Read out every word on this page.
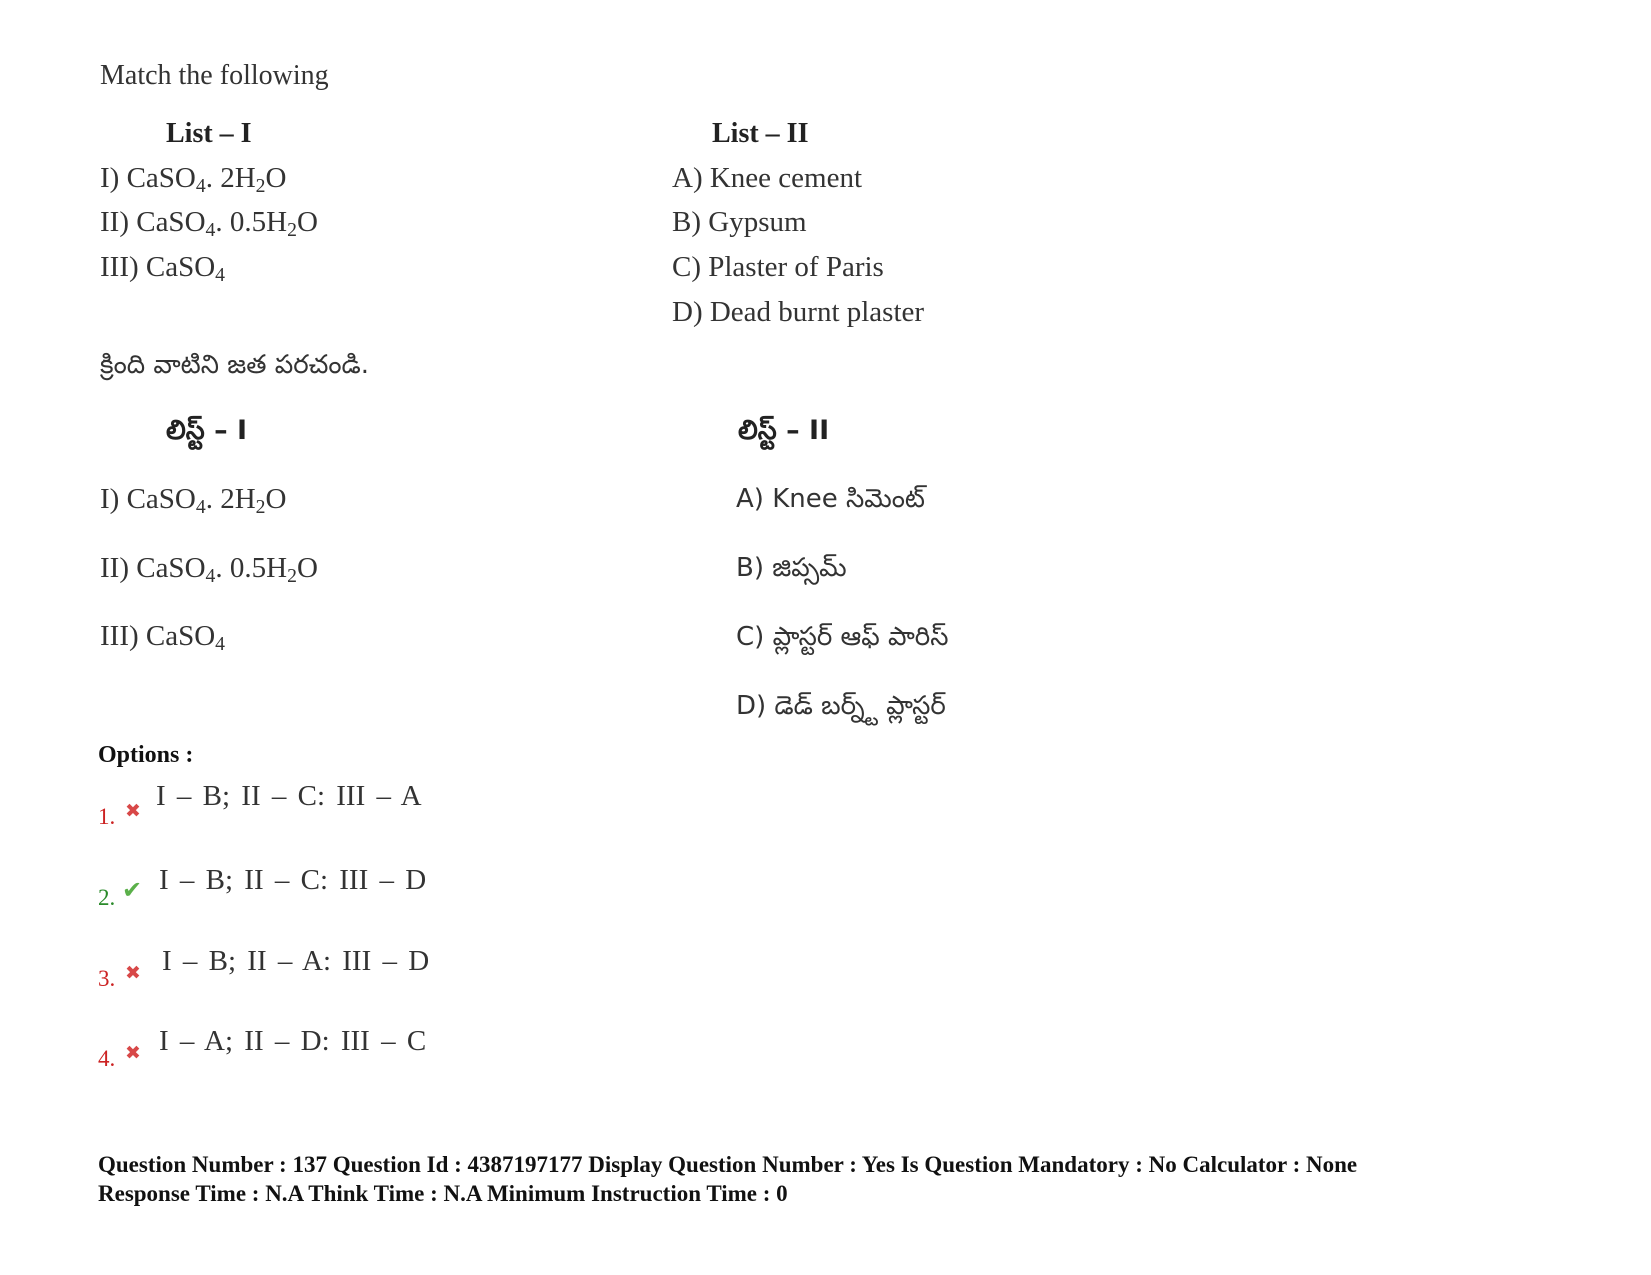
Match the following
List – I	List – II
I) CaSO$_4$. $2H_2O$
II) CaSO$_4$. $0.5H_2O$
III) CaSO$_4$
A) Knee cement
B) Gypsum
C) Plaster of Paris
D) Dead burnt plaster
క్రింది వాటిని జత పరచండి.
లిస్ట్ – I	లిస్ట్ – II
I) CaSO$_4$. $2H_2O$
II) CaSO$_4$. $0.5H_2O$
III) CaSO$_4$
A) Knee సిమెంట్
B) జిప్సమ్
C) ప్లాస్టర్ ఆఫ్ పారిస్
D) డెడ్ బర్న్ట్ ప్లాస్టర్
Options :
1. ✖ I – B; II – C: III – A
2. ✔ I – B; II – C: III – D
3. ✖ I – B; II – A: III – D
4. ✖ I – A; II – D: III – C
Question Number : 137 Question Id : 4387197177 Display Question Number : Yes Is Question Mandatory : No Calculator : None
Response Time : N.A Think Time : N.A Minimum Instruction Time : 0
